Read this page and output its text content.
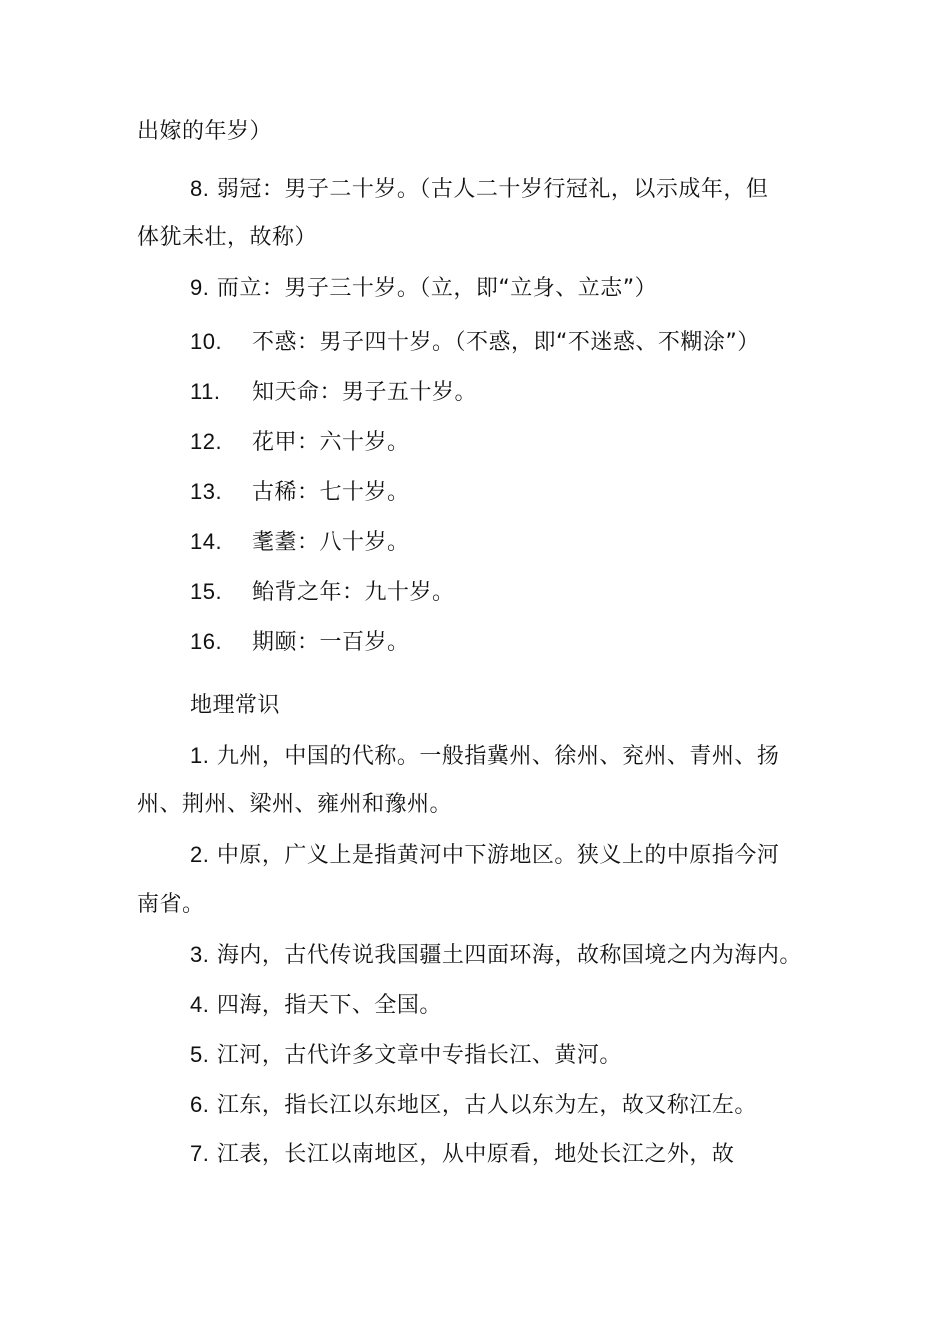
出嫁的年岁）
8. 弱冠：男子二十岁。（古人二十岁行冠礼，以示成年，但
体犹未壮，故称）
9. 而立：男子三十岁。（立，即“立身、立志”）
10. 不惑：男子四十岁。（不惑，即“不迷惑、不糊涂”）
11. 知天命：男子五十岁。
12. 花甲：六十岁。
13. 古稀：七十岁。
14. 耄耋：八十岁。
15. 鲐背之年：九十岁。
16. 期颐：一百岁。
地理常识
1. 九州，中国的代称。一般指冀州、徐州、兖州、青州、扬
州、荆州、梁州、雍州和豫州。
2. 中原，广义上是指黄河中下游地区。狭义上的中原指今河
南省。
3. 海内，古代传说我国疆土四面环海，故称国境之内为海内。
4. 四海，指天下、全国。
5. 江河，古代许多文章中专指长江、黄河。
6. 江东，指长江以东地区，古人以东为左，故又称江左。
7. 江表，长江以南地区，从中原看，地处长江之外，故
